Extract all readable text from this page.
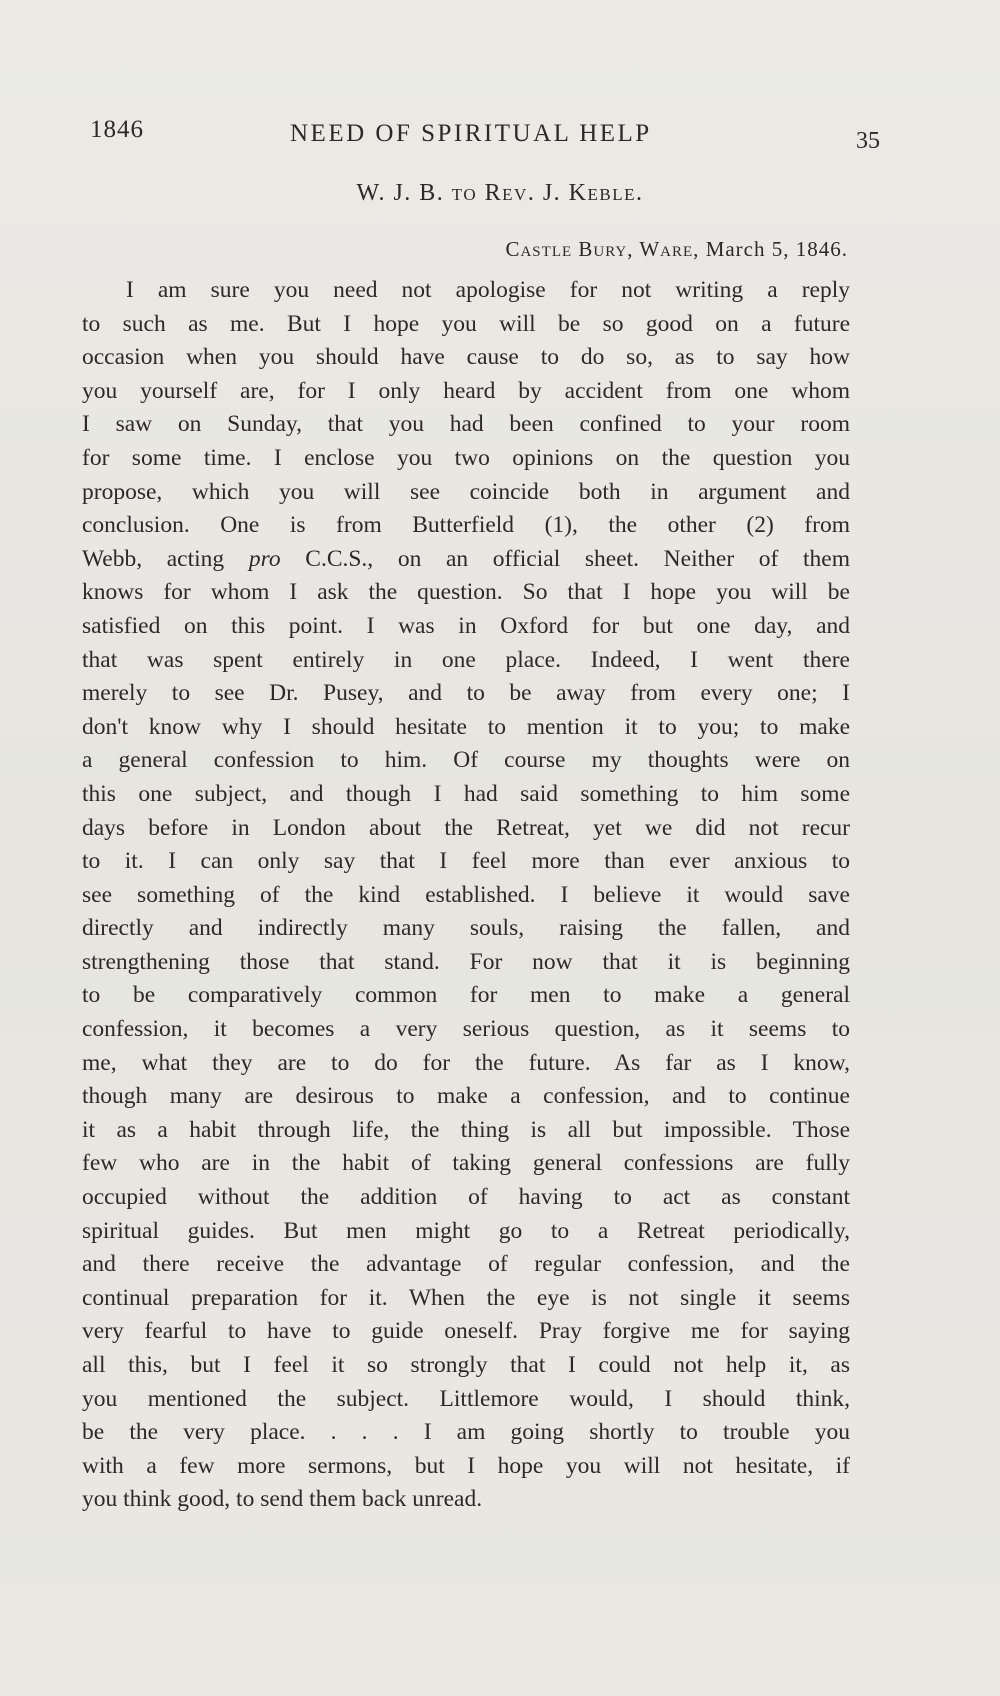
1846	NEED OF SPIRITUAL HELP	35
W. J. B. to Rev. J. Keble.
Castle Bury, Ware, March 5, 1846.
I am sure you need not apologise for not writing a reply
to such as me. But I hope you will be so good on a future
occasion when you should have cause to do so, as to say how
you yourself are, for I only heard by accident from one whom
I saw on Sunday, that you had been confined to your room
for some time. I enclose you two opinions on the question you
propose, which you will see coincide both in argument and
conclusion. One is from Butterfield (1), the other (2) from
Webb, acting pro C.C.S., on an official sheet. Neither of them
knows for whom I ask the question. So that I hope you will be
satisfied on this point. I was in Oxford for but one day, and
that was spent entirely in one place. Indeed, I went there
merely to see Dr. Pusey, and to be away from every one; I
don't know why I should hesitate to mention it to you; to make
a general confession to him. Of course my thoughts were on
this one subject, and though I had said something to him some
days before in London about the Retreat, yet we did not recur
to it. I can only say that I feel more than ever anxious to
see something of the kind established. I believe it would save
directly and indirectly many souls, raising the fallen, and
strengthening those that stand. For now that it is beginning
to be comparatively common for men to make a general
confession, it becomes a very serious question, as it seems to
me, what they are to do for the future. As far as I know,
though many are desirous to make a confession, and to continue
it as a habit through life, the thing is all but impossible. Those
few who are in the habit of taking general confessions are fully
occupied without the addition of having to act as constant
spiritual guides. But men might go to a Retreat periodically,
and there receive the advantage of regular confession, and the
continual preparation for it. When the eye is not single it seems
very fearful to have to guide oneself. Pray forgive me for saying
all this, but I feel it so strongly that I could not help it, as
you mentioned the subject. Littlemore would, I should think,
be the very place. . . . I am going shortly to trouble you
with a few more sermons, but I hope you will not hesitate, if
you think good, to send them back unread.
